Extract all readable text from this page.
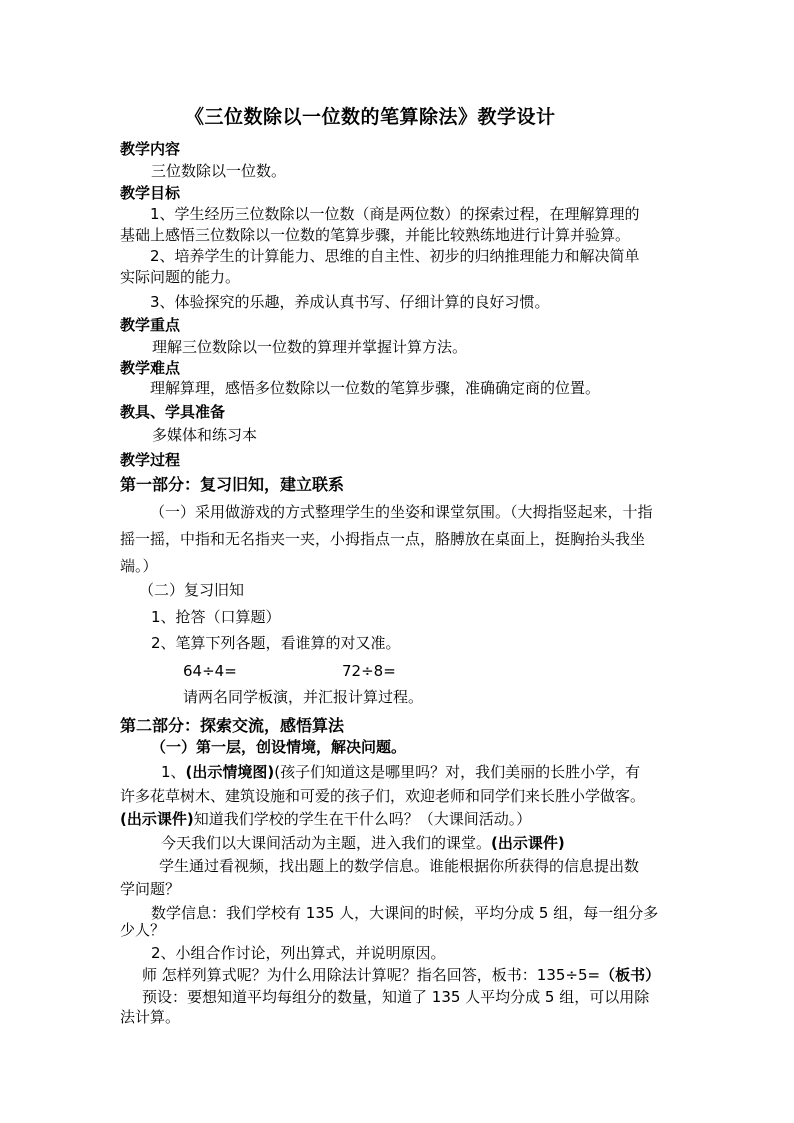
《三位数除以一位数的笔算除法》教学设计
教学内容
三位数除以一位数。
教学目标
1、学生经历三位数除以一位数（商是两位数）的探索过程，在理解算理的
基础上感悟三位数除以一位数的笔算步骤，并能比较熟练地进行计算并验算。
2、培养学生的计算能力、思维的自主性、初步的归纳推理能力和解决简单
实际问题的能力。
3、体验探究的乐趣，养成认真书写、仔细计算的良好习惯。
教学重点
理解三位数除以一位数的算理并掌握计算方法。
教学难点
理解算理，感悟多位数除以一位数的笔算步骤，准确确定商的位置。
教具、学具准备
多媒体和练习本
教学过程
第一部分：复习旧知，建立联系
（一）采用做游戏的方式整理学生的坐姿和课堂氛围。（大拇指竖起来，十指
摇一摇，中指和无名指夹一夹，小拇指点一点，胳膊放在桌面上，挺胸抬头我坐
端。）
（二）复习旧知
1、抢答（口算题）
2、笔算下列各题，看谁算的对又准。
64÷4=	72÷8=
请两名同学板演，并汇报计算过程。
第二部分：探索交流，感悟算法
（一）第一层，创设情境，解决问题。
1、(出示情境图)(孩子们知道这是哪里吗？对，我们美丽的长胜小学，有
许多花草树木、建筑设施和可爱的孩子们，欢迎老师和同学们来长胜小学做客。
(出示课件)知道我们学校的学生在干什么吗？（大课间活动。）
今天我们以大课间活动为主题，进入我们的课堂。(出示课件)
学生通过看视频，找出题上的数学信息。谁能根据你所获得的信息提出数
学问题？
数学信息：我们学校有 135 人，大课间的时候，平均分成 5 组，每一组分多
少人？
2、小组合作讨论，列出算式，并说明原因。
师 怎样列算式呢？为什么用除法计算呢？指名回答，板书：135÷5=（板书）
预设：要想知道平均每组分的数量，知道了 135 人平均分成 5 组，可以用除
法计算。
